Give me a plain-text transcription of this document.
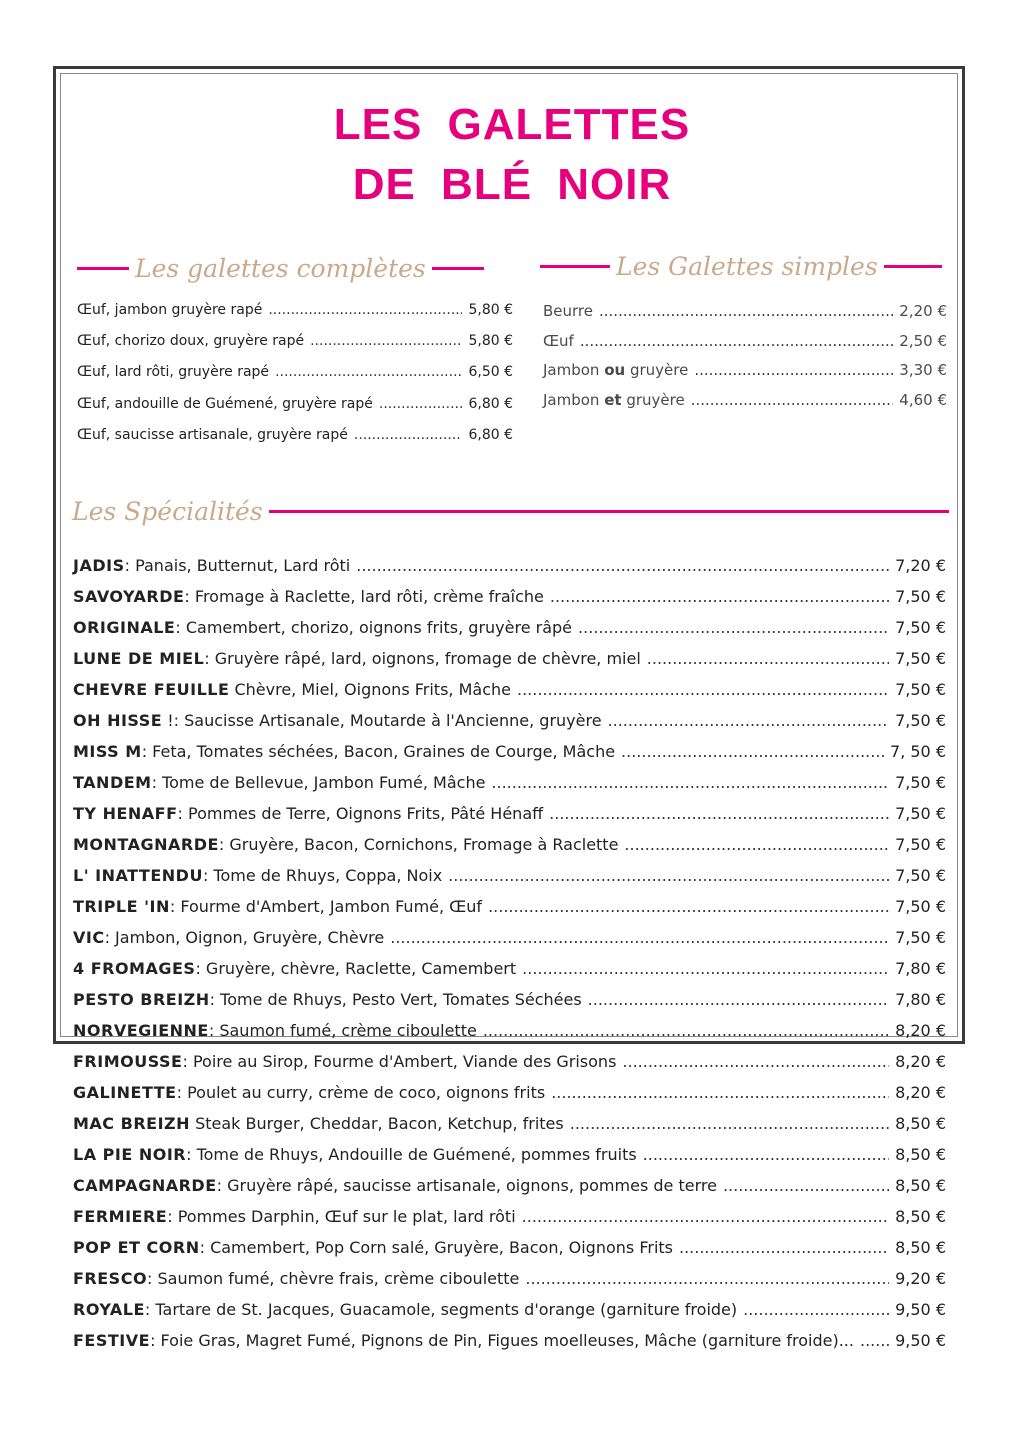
LES GALETTES
DE BLÉ NOIR
Les galettes complètes	Les Galettes simples
Les Spécialités
Œuf, jambon gruyère rapé .....	5,80 €
Œuf, chorizo doux, gruyère rapé .....	5,80 €
Œuf, lard rôti, gruyère rapé .....	6,50 €
Œuf, andouille de Guémené, gruyère rapé .....	6,80 €
Œuf, saucisse artisanale, gruyère rapé .....	6,80 €
Beurre .....	2,20 €
Œuf .....	2,50 €
Jambon ou gruyère .....	3,30 €
Jambon et gruyère .....	4,60 €
JADIS: Panais, Butternut, Lard rôti .....	7,20 €
SAVOYARDE: Fromage à Raclette, lard rôti, crème fraîche .....	7,50 €
ORIGINALE: Camembert, chorizo, oignons frits, gruyère râpé .....	7,50 €
LUNE DE MIEL: Gruyère râpé, lard, oignons, fromage de chèvre, miel .....	7,50 €
CHEVRE FEUILLE Chèvre, Miel, Oignons Frits, Mâche .....	7,50 €
OH HISSE !: Saucisse Artisanale, Moutarde à l'Ancienne, gruyère .....	7,50 €
MISS M: Feta, Tomates séchées, Bacon, Graines de Courge, Mâche .....	7, 50 €
TANDEM: Tome de Bellevue, Jambon Fumé, Mâche .....	7,50 €
TY HENAFF: Pommes de Terre, Oignons Frits, Pâté Hénaff .....	7,50 €
MONTAGNARDE: Gruyère, Bacon, Cornichons, Fromage à Raclette .....	7,50 €
L' INATTENDU: Tome de Rhuys, Coppa, Noix .....	7,50 €
TRIPLE 'IN: Fourme d'Ambert, Jambon Fumé, Œuf .....	7,50 €
VIC: Jambon, Oignon, Gruyère, Chèvre .....	7,50 €
4 FROMAGES: Gruyère, chèvre, Raclette, Camembert .....	7,80 €
PESTO BREIZH: Tome de Rhuys, Pesto Vert, Tomates Séchées .....	7,80 €
NORVEGIENNE: Saumon fumé, crème ciboulette .....	8,20 €
FRIMOUSSE: Poire au Sirop, Fourme d'Ambert, Viande des Grisons .....	8,20 €
GALINETTE: Poulet au curry, crème de coco, oignons frits .....	8,20 €
MAC BREIZH Steak Burger, Cheddar, Bacon, Ketchup, frites .....	8,50 €
LA PIE NOIR: Tome de Rhuys, Andouille de Guémené, pommes fruits .....	8,50 €
CAMPAGNARDE: Gruyère râpé, saucisse artisanale, oignons, pommes de terre .....	8,50 €
FERMIERE: Pommes Darphin, Œuf sur le plat, lard rôti .....	8,50 €
POP ET CORN: Camembert, Pop Corn salé, Gruyère, Bacon, Oignons Frits .....	8,50 €
FRESCO: Saumon fumé, chèvre frais, crème ciboulette .....	9,20 €
ROYALE: Tartare de St. Jacques, Guacamole, segments d'orange (garniture froide) .....	9,50 €
FESTIVE: Foie Gras, Magret Fumé, Pignons de Pin, Figues moelleuses, Mâche (garniture froide)... .....	9,50 €
